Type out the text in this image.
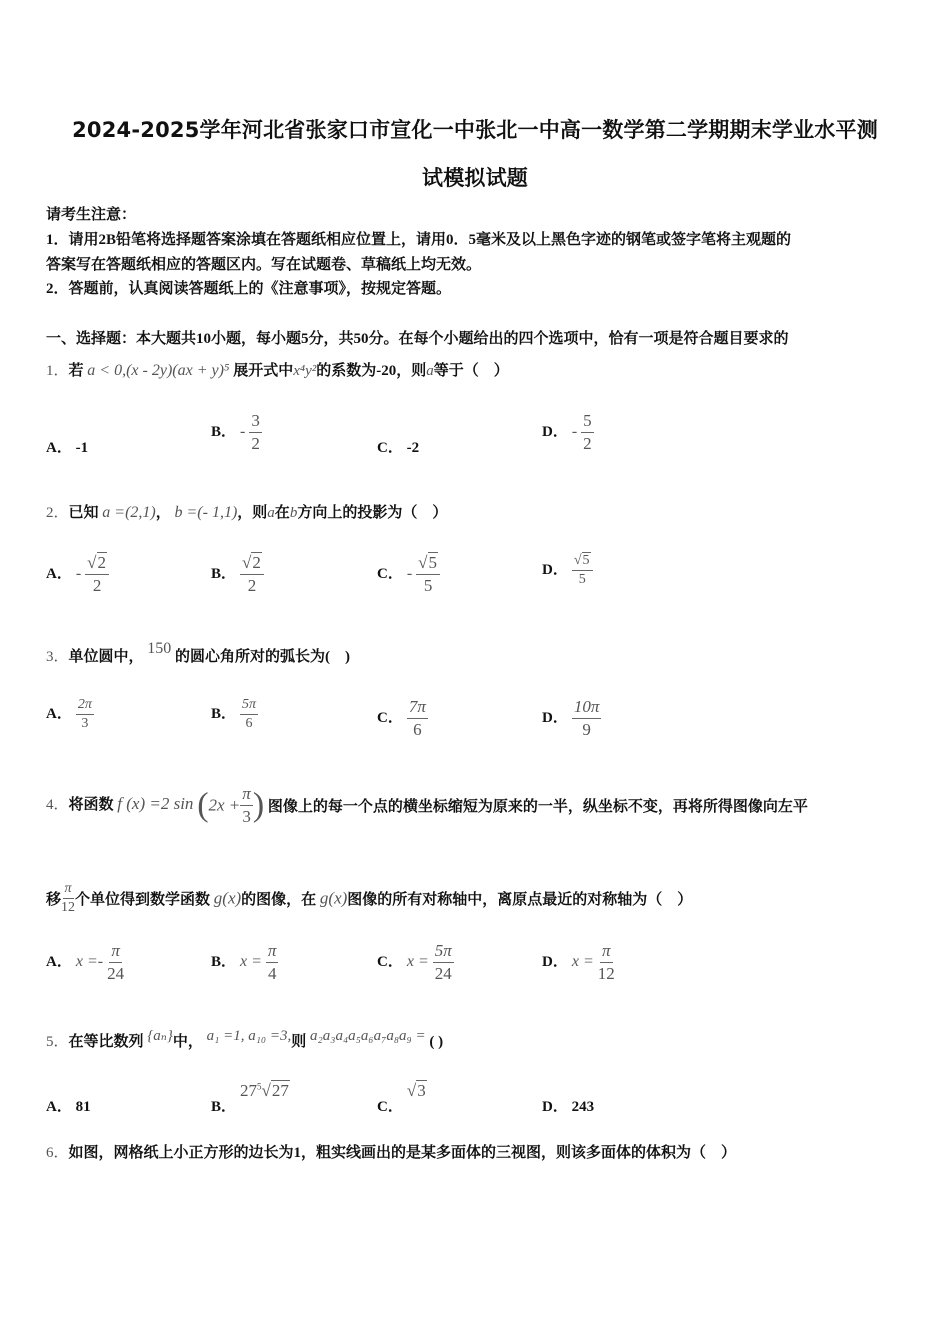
2024-2025学年河北省张家口市宣化一中张北一中高一数学第二学期期末学业水平测
试模拟试题
请考生注意：
1．请用2B铅笔将选择题答案涂填在答题纸相应位置上，请用0．5毫米及以上黑色字迹的钢笔或签字笔将主观题的
答案写在答题纸相应的答题区内。写在试题卷、草稿纸上均无效。
2．答题前，认真阅读答题纸上的《注意事项》，按规定答题。
一、选择题：本大题共10小题，每小题5分，共50分。在每个小题给出的四个选项中，恰有一项是符合题目要求的
1．若 a < 0,(x - 2y)(ax + y)⁵ 展开式中x⁴y²的系数为-20，则a等于（　）
A． -1
B． - $\frac{3}{2}$	C． -2
D． - $\frac{5}{2}$
2．已知 a =(2,1)， b =(- 1,1)，则a在b方向上的投影为（　）
A． - $\frac{√2}{2}$	B． $\frac{√2}{2}$	C． - $\frac{√5}{5}$	D． $\frac{√5}{5}$
3．单位圆中， 150 的圆心角所对的弧长为(　)
A． $\frac{2\pi}{3}$	B． $\frac{5\pi}{6}$	C． $\frac{7\pi}{6}$	D． $\frac{10\pi}{9}$
4．将函数 f (x) =2 $\sin (2x + \frac{\pi}{3}$ ) 图像上的每一个点的横坐标缩短为原来的一半，纵坐标不变，再将所得图像向左平
移 $\frac{\pi}{12}$ 个单位得到数学函数 g(x)的图像，在 g(x)图像的所有对称轴中，离原点最近的对称轴为（　）
A． $x =- \frac{\pi}{24}$	B． $x = \frac{\pi}{4}$	C． $x = \frac{5\pi}{24}$	D． $x = \frac{\pi}{12}$
5．在等比数列 {aₙ}中， a₁ =1, a₁₀ =3,则 a₂a₃a₄a₅a₆a₇a₈a₉ = ( )
A． 81	B． $27^5√27$
C． √3
D． 243
6．如图，网格纸上小正方形的边长为1，粗实线画出的是某多面体的三视图，则该多面体的体积为（　）
